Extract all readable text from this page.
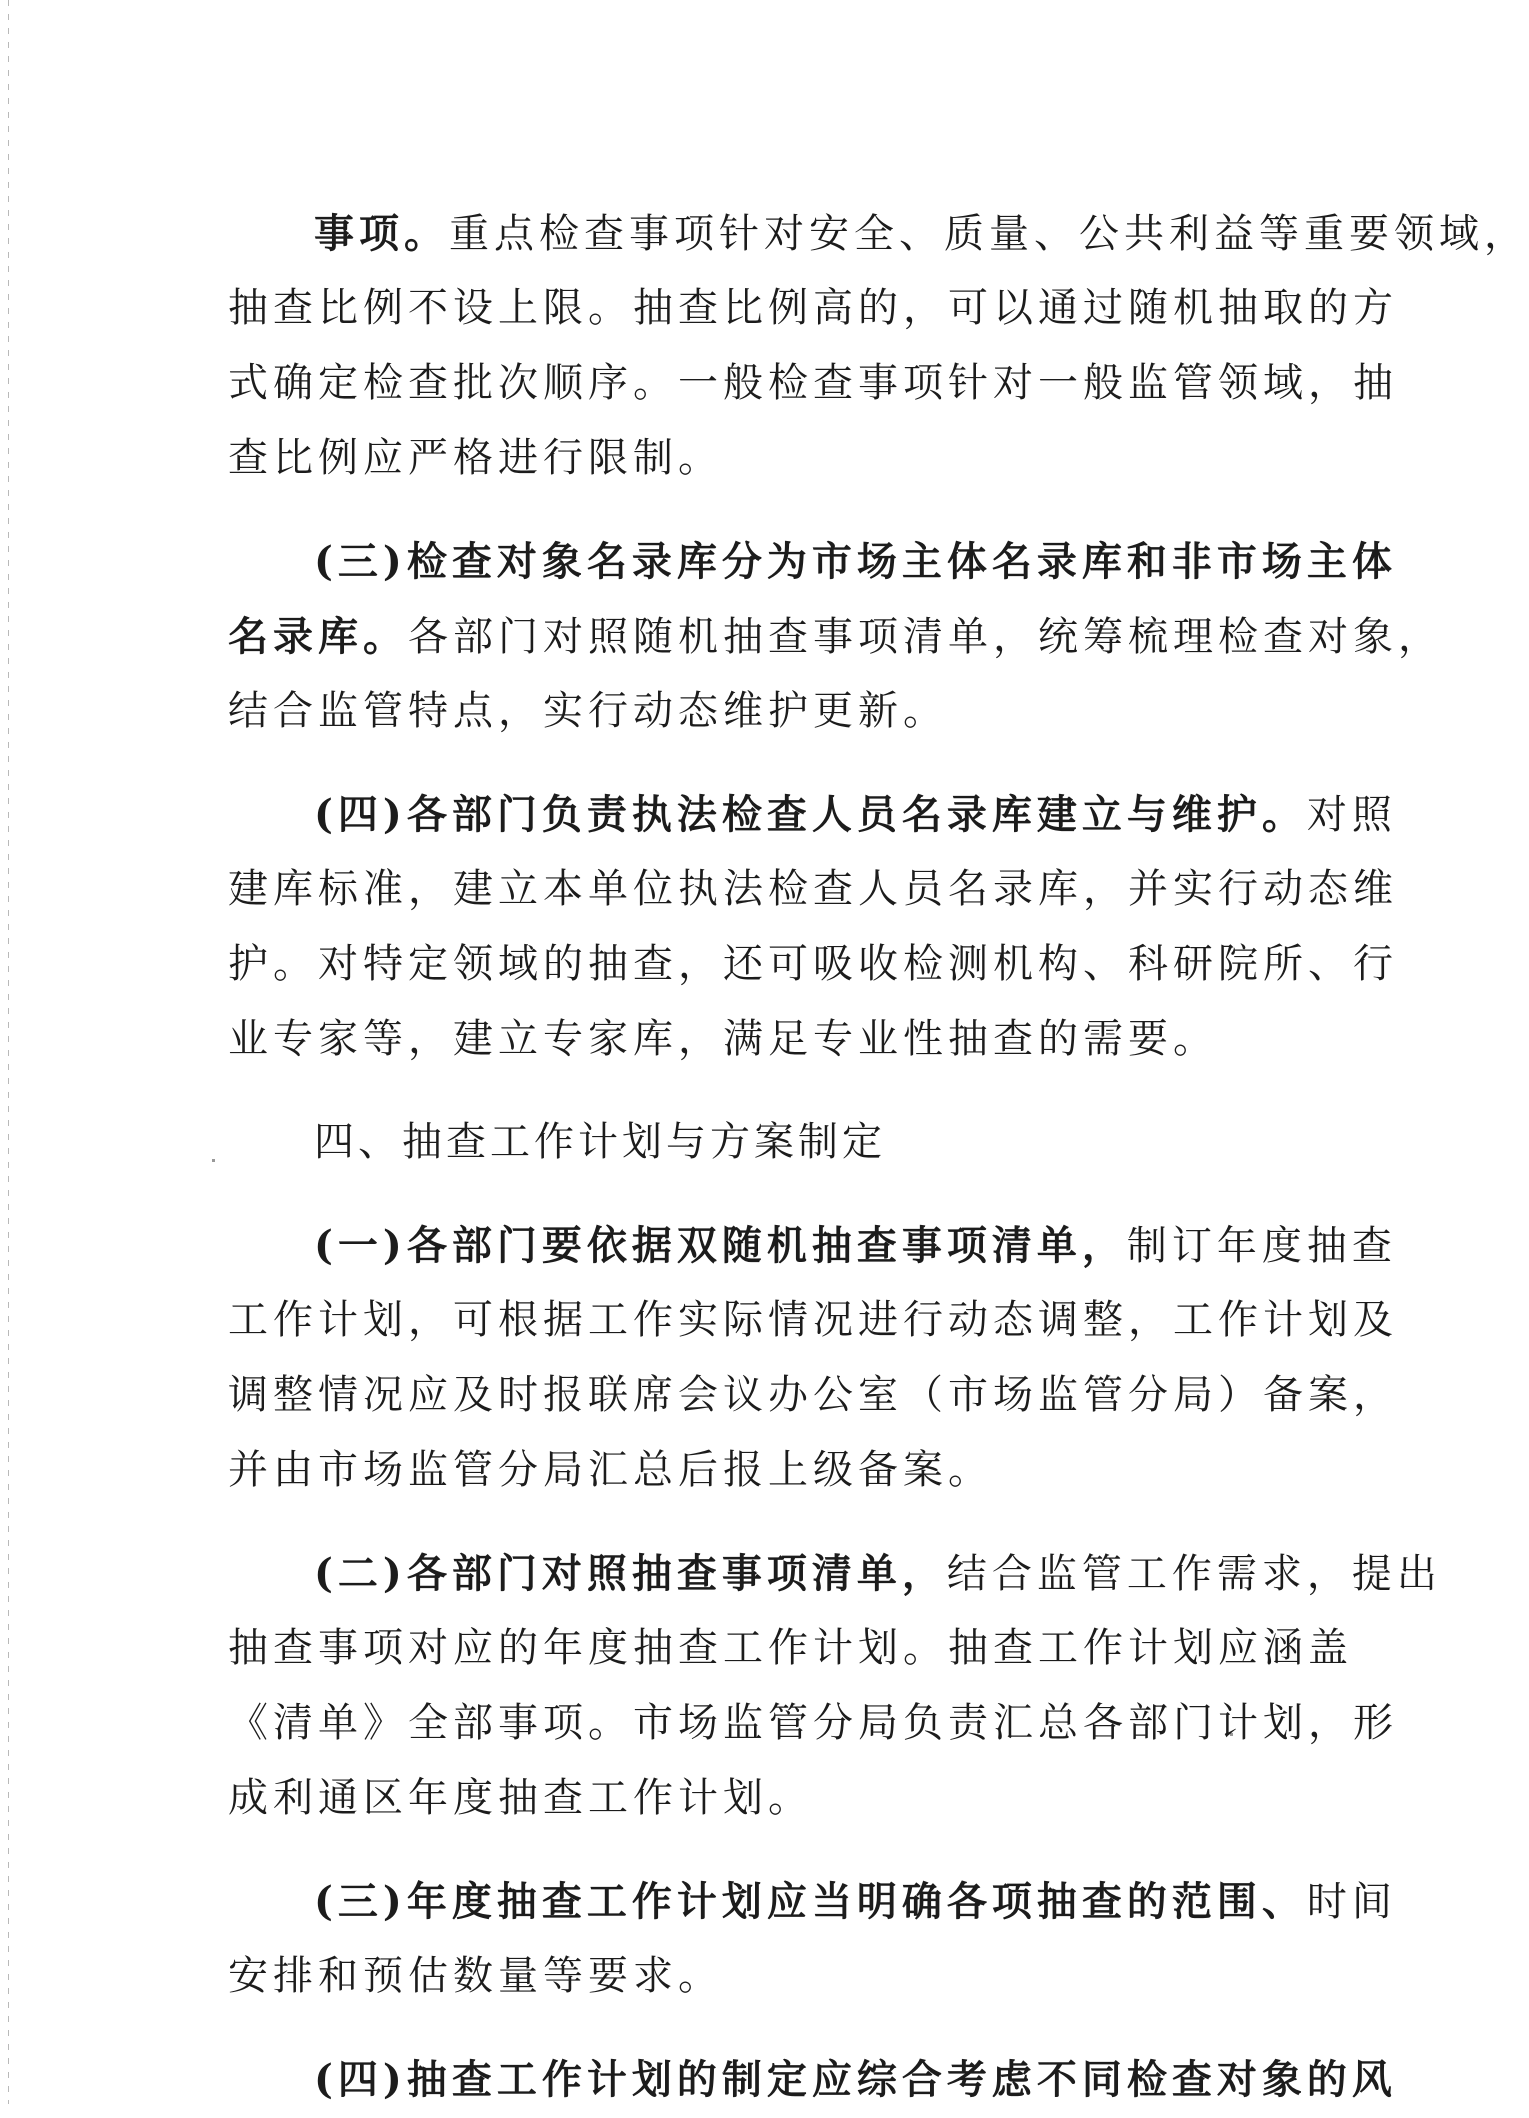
事项。重点检查事项针对安全、质量、公共利益等重要领域，
抽查比例不设上限。抽查比例高的，可以通过随机抽取的方
式确定检查批次顺序。一般检查事项针对一般监管领域，抽
查比例应严格进行限制。
(三)检查对象名录库分为市场主体名录库和非市场主体
名录库。各部门对照随机抽查事项清单，统筹梳理检查对象，
结合监管特点，实行动态维护更新。
(四)各部门负责执法检查人员名录库建立与维护。对照
建库标准，建立本单位执法检查人员名录库，并实行动态维
护。对特定领域的抽查，还可吸收检测机构、科研院所、行
业专家等，建立专家库，满足专业性抽查的需要。
四、抽查工作计划与方案制定
(一)各部门要依据双随机抽查事项清单，制订年度抽查
工作计划，可根据工作实际情况进行动态调整，工作计划及
调整情况应及时报联席会议办公室（市场监管分局）备案，
并由市场监管分局汇总后报上级备案。
(二)各部门对照抽查事项清单，结合监管工作需求，提出
抽查事项对应的年度抽查工作计划。抽查工作计划应涵盖
《清单》全部事项。市场监管分局负责汇总各部门计划，形
成利通区年度抽查工作计划。
(三)年度抽查工作计划应当明确各项抽查的范围、时间
安排和预估数量等要求。
(四)抽查工作计划的制定应综合考虑不同检查对象的风
